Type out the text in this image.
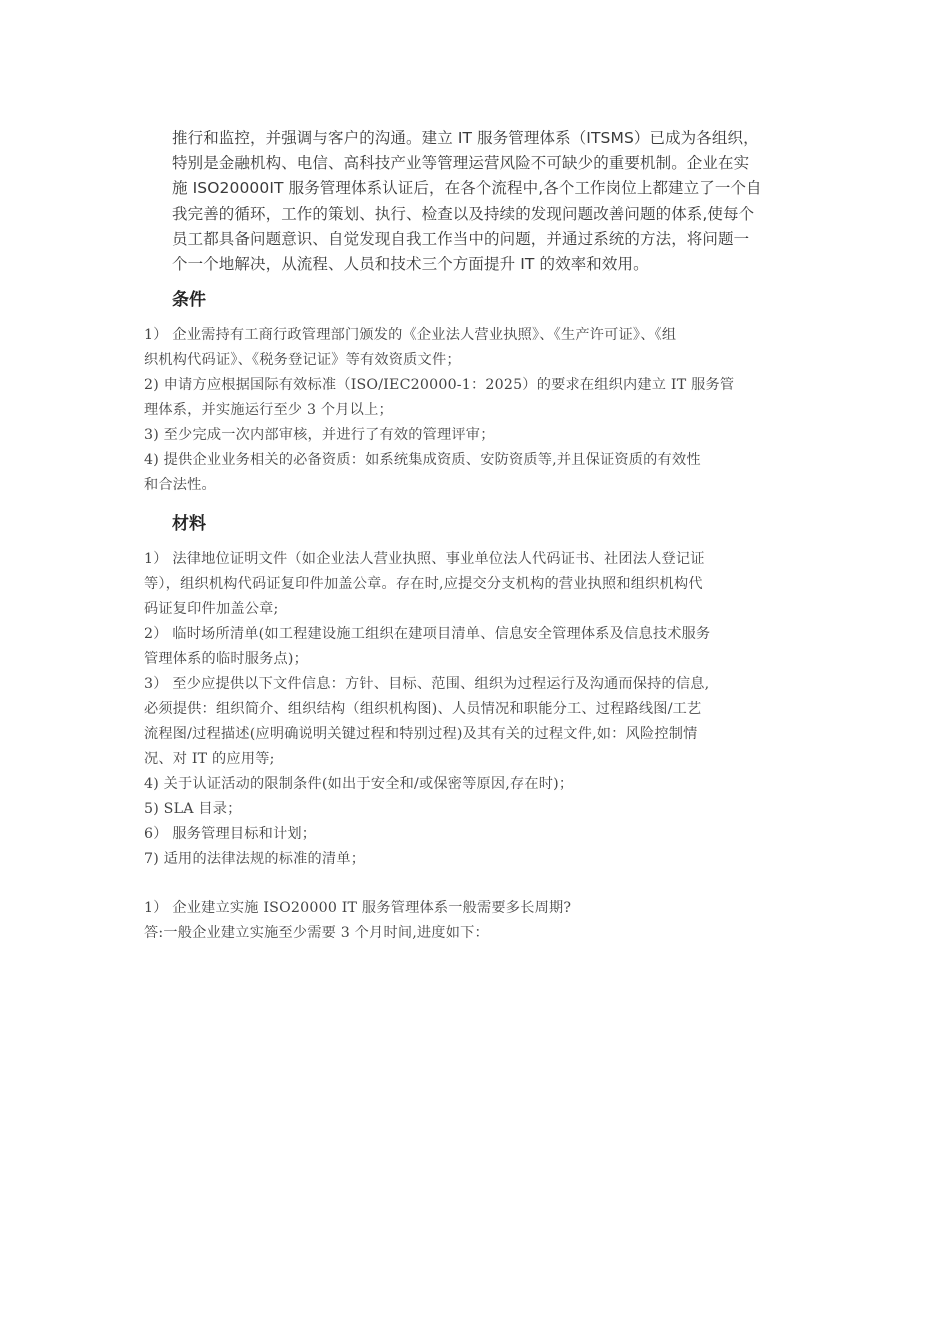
推行和监控，并强调与客户的沟通。建立 IT 服务管理体系（ITSMS）已成为各组织，

特别是金融机构、电信、高科技产业等管理运营风险不可缺少的重要机制。企业在实

施 ISO20000IT 服务管理体系认证后，在各个流程中,各个工作岗位上都建立了一个自

我完善的循环，工作的策划、执行、检查以及持续的发现问题改善问题的体系,使每个

员工都具备问题意识、自觉发现自我工作当中的问题，并通过系统的方法，将问题一

个一个地解决，从流程、人员和技术三个方面提升 IT 的效率和效用。

条件

1） 企业需持有工商行政管理部门颁发的《企业法人营业执照》、《生产许可证》、《组

织机构代码证》、《税务登记证》等有效资质文件；

2) 申请方应根据国际有效标准（ISO/IEC20000-1：2025）的要求在组织内建立 IT 服务管

理体系，并实施运行至少 3 个月以上；

3) 至少完成一次内部审核，并进行了有效的管理评审；

4) 提供企业业务相关的必备资质：如系统集成资质、安防资质等,并且保证资质的有效性

和合法性。

材料

1） 法律地位证明文件（如企业法人营业执照、事业单位法人代码证书、社团法人登记证

等），组织机构代码证复印件加盖公章。存在时,应提交分支机构的营业执照和组织机构代

码证复印件加盖公章;

2） 临时场所清单(如工程建设施工组织在建项目清单、信息安全管理体系及信息技术服务

管理体系的临时服务点)；

3） 至少应提供以下文件信息：方针、目标、范围、组织为过程运行及沟通而保持的信息,

必须提供：组织简介、组织结构（组织机构图)、人员情况和职能分工、过程路线图/工艺

流程图/过程描述(应明确说明关键过程和特别过程)及其有关的过程文件,如：风险控制情

况、对 IT 的应用等;

4) 关于认证活动的限制条件(如出于安全和/或保密等原因,存在时)；

5) SLA 目录；

6） 服务管理目标和计划；

7) 适用的法律法规的标准的清单；

1） 企业建立实施 ISO20000 IT 服务管理体系一般需要多长周期?

答:一般企业建立实施至少需要 3 个月时间,进度如下：
